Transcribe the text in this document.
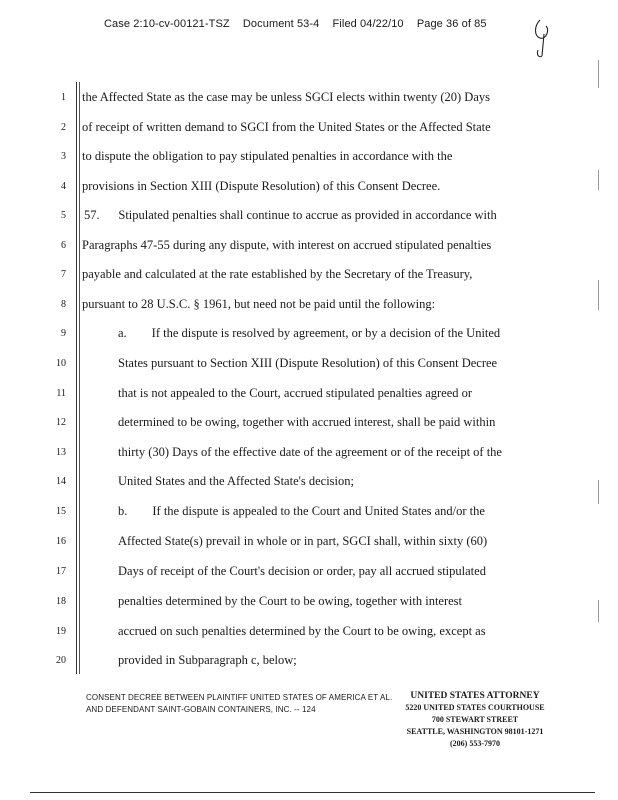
Case 2:10-cv-00121-TSZ Document 53-4 Filed 04/22/10 Page 36 of 85
1 the Affected State as the case may be unless SGCI elects within twenty (20) Days
2 of receipt of written demand to SGCI from the United States or the Affected State
3 to dispute the obligation to pay stipulated penalties in accordance with the
4 provisions in Section XIII (Dispute Resolution) of this Consent Decree.
5 57.      Stipulated penalties shall continue to accrue as provided in accordance with
6 Paragraphs 47-55 during any dispute, with interest on accrued stipulated penalties
7 payable and calculated at the rate established by the Secretary of the Treasury,
8 pursuant to 28 U.S.C. § 1961, but need not be paid until the following:
9	a.        If the dispute is resolved by agreement, or by a decision of the United
10	States pursuant to Section XIII (Dispute Resolution) of this Consent Decree
11	that is not appealed to the Court, accrued stipulated penalties agreed or
12	determined to be owing, together with accrued interest, shall be paid within
13	thirty (30) Days of the effective date of the agreement or of the receipt of the
14	United States and the Affected State's decision;
15	b.        If the dispute is appealed to the Court and United States and/or the
16	Affected State(s) prevail in whole or in part, SGCI shall, within sixty (60)
17	Days of receipt of the Court's decision or order, pay all accrued stipulated
18	penalties determined by the Court to be owing, together with interest
19	accrued on such penalties determined by the Court to be owing, except as
20	provided in Subparagraph c, below;
CONSENT DECREE BETWEEN PLAINTIFF UNITED STATES OF AMERICA ET AL.
AND DEFENDANT SAINT-GOBAIN CONTAINERS, INC. -- 124
UNITED STATES ATTORNEY
5220 UNITED STATES COURTHOUSE
700 STEWART STREET
SEATTLE, WASHINGTON 98101-1271
(206) 553-7970
